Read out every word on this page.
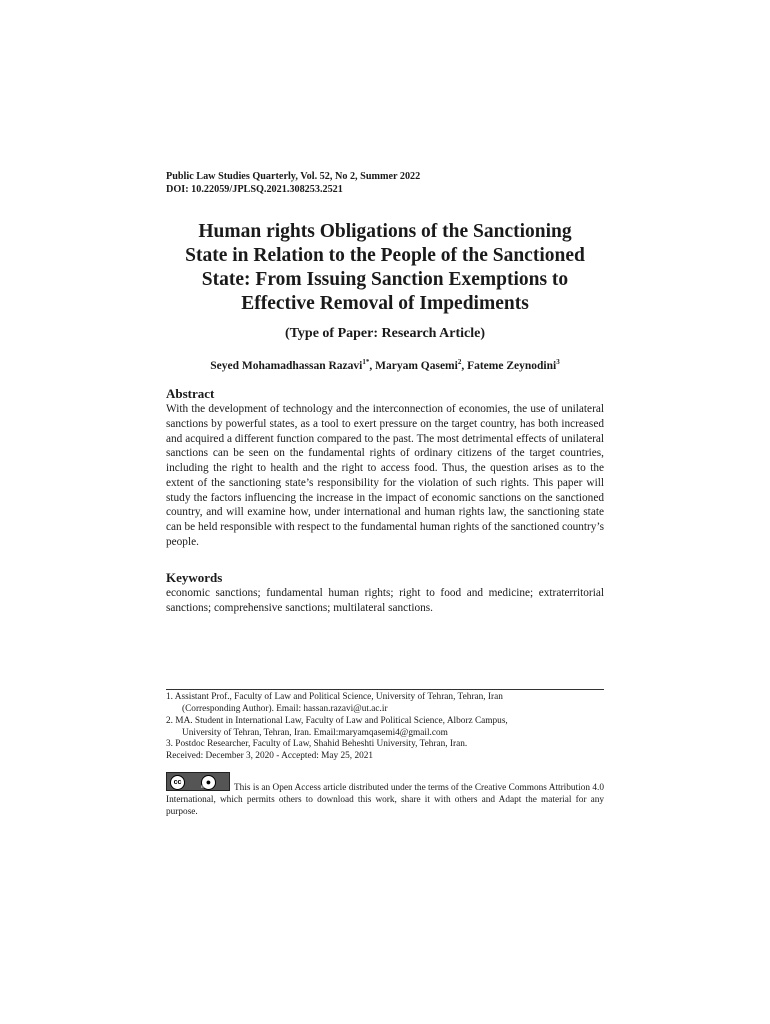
Public Law Studies Quarterly, Vol. 52, No 2, Summer 2022
DOI: 10.22059/JPLSQ.2021.308253.2521
Human rights Obligations of the Sanctioning
State in Relation to the People of the Sanctioned
State: From Issuing Sanction Exemptions to
Effective Removal of Impediments
(Type of Paper: Research Article)
Seyed Mohamadhassan Razavi$^{1*}$, Maryam Qasemi$^2$, Fateme Zeynodini$^3$
Abstract

With the development of technology and the interconnection of economies, the use of unilateral sanctions by powerful states, as a tool to exert pressure on the target country, has both increased and acquired a different function compared to the past. The most detrimental effects of unilateral sanctions can be seen on the fundamental rights of ordinary citizens of the target countries, including the right to health and the right to access food. Thus, the question arises as to the extent of the sanctioning state’s responsibility for the violation of such rights. This paper will study the factors influencing the increase in the impact of economic sanctions on the sanctioned country, and will examine how, under international and human rights law, the sanctioning state can be held responsible with respect to the fundamental human rights of the sanctioned country’s people.

Keywords

economic sanctions; fundamental human rights; right to food and medicine; extraterritorial sanctions; comprehensive sanctions; multilateral sanctions.

1. Assistant Prof., Faculty of Law and Political Science, University of Tehran, Tehran, Iran
(Corresponding Author). Email: hassan.razavi@ut.ac.ir

2. MA. Student in International Law, Faculty of Law and Political Science, Alborz Campus,
University of Tehran, Tehran, Iran. Email:maryamqasemi4@gmail.com

3. Postdoc Researcher, Faculty of Law, Shahid Beheshti University, Tehran, Iran.

Received: December 3, 2020 - Accepted: May 25, 2021

cc	●
BY	This is an Open Access article distributed under the terms of the Creative Commons Attribution 4.0 International, which permits others to download this work, share it with others and Adapt the material for any purpose.
